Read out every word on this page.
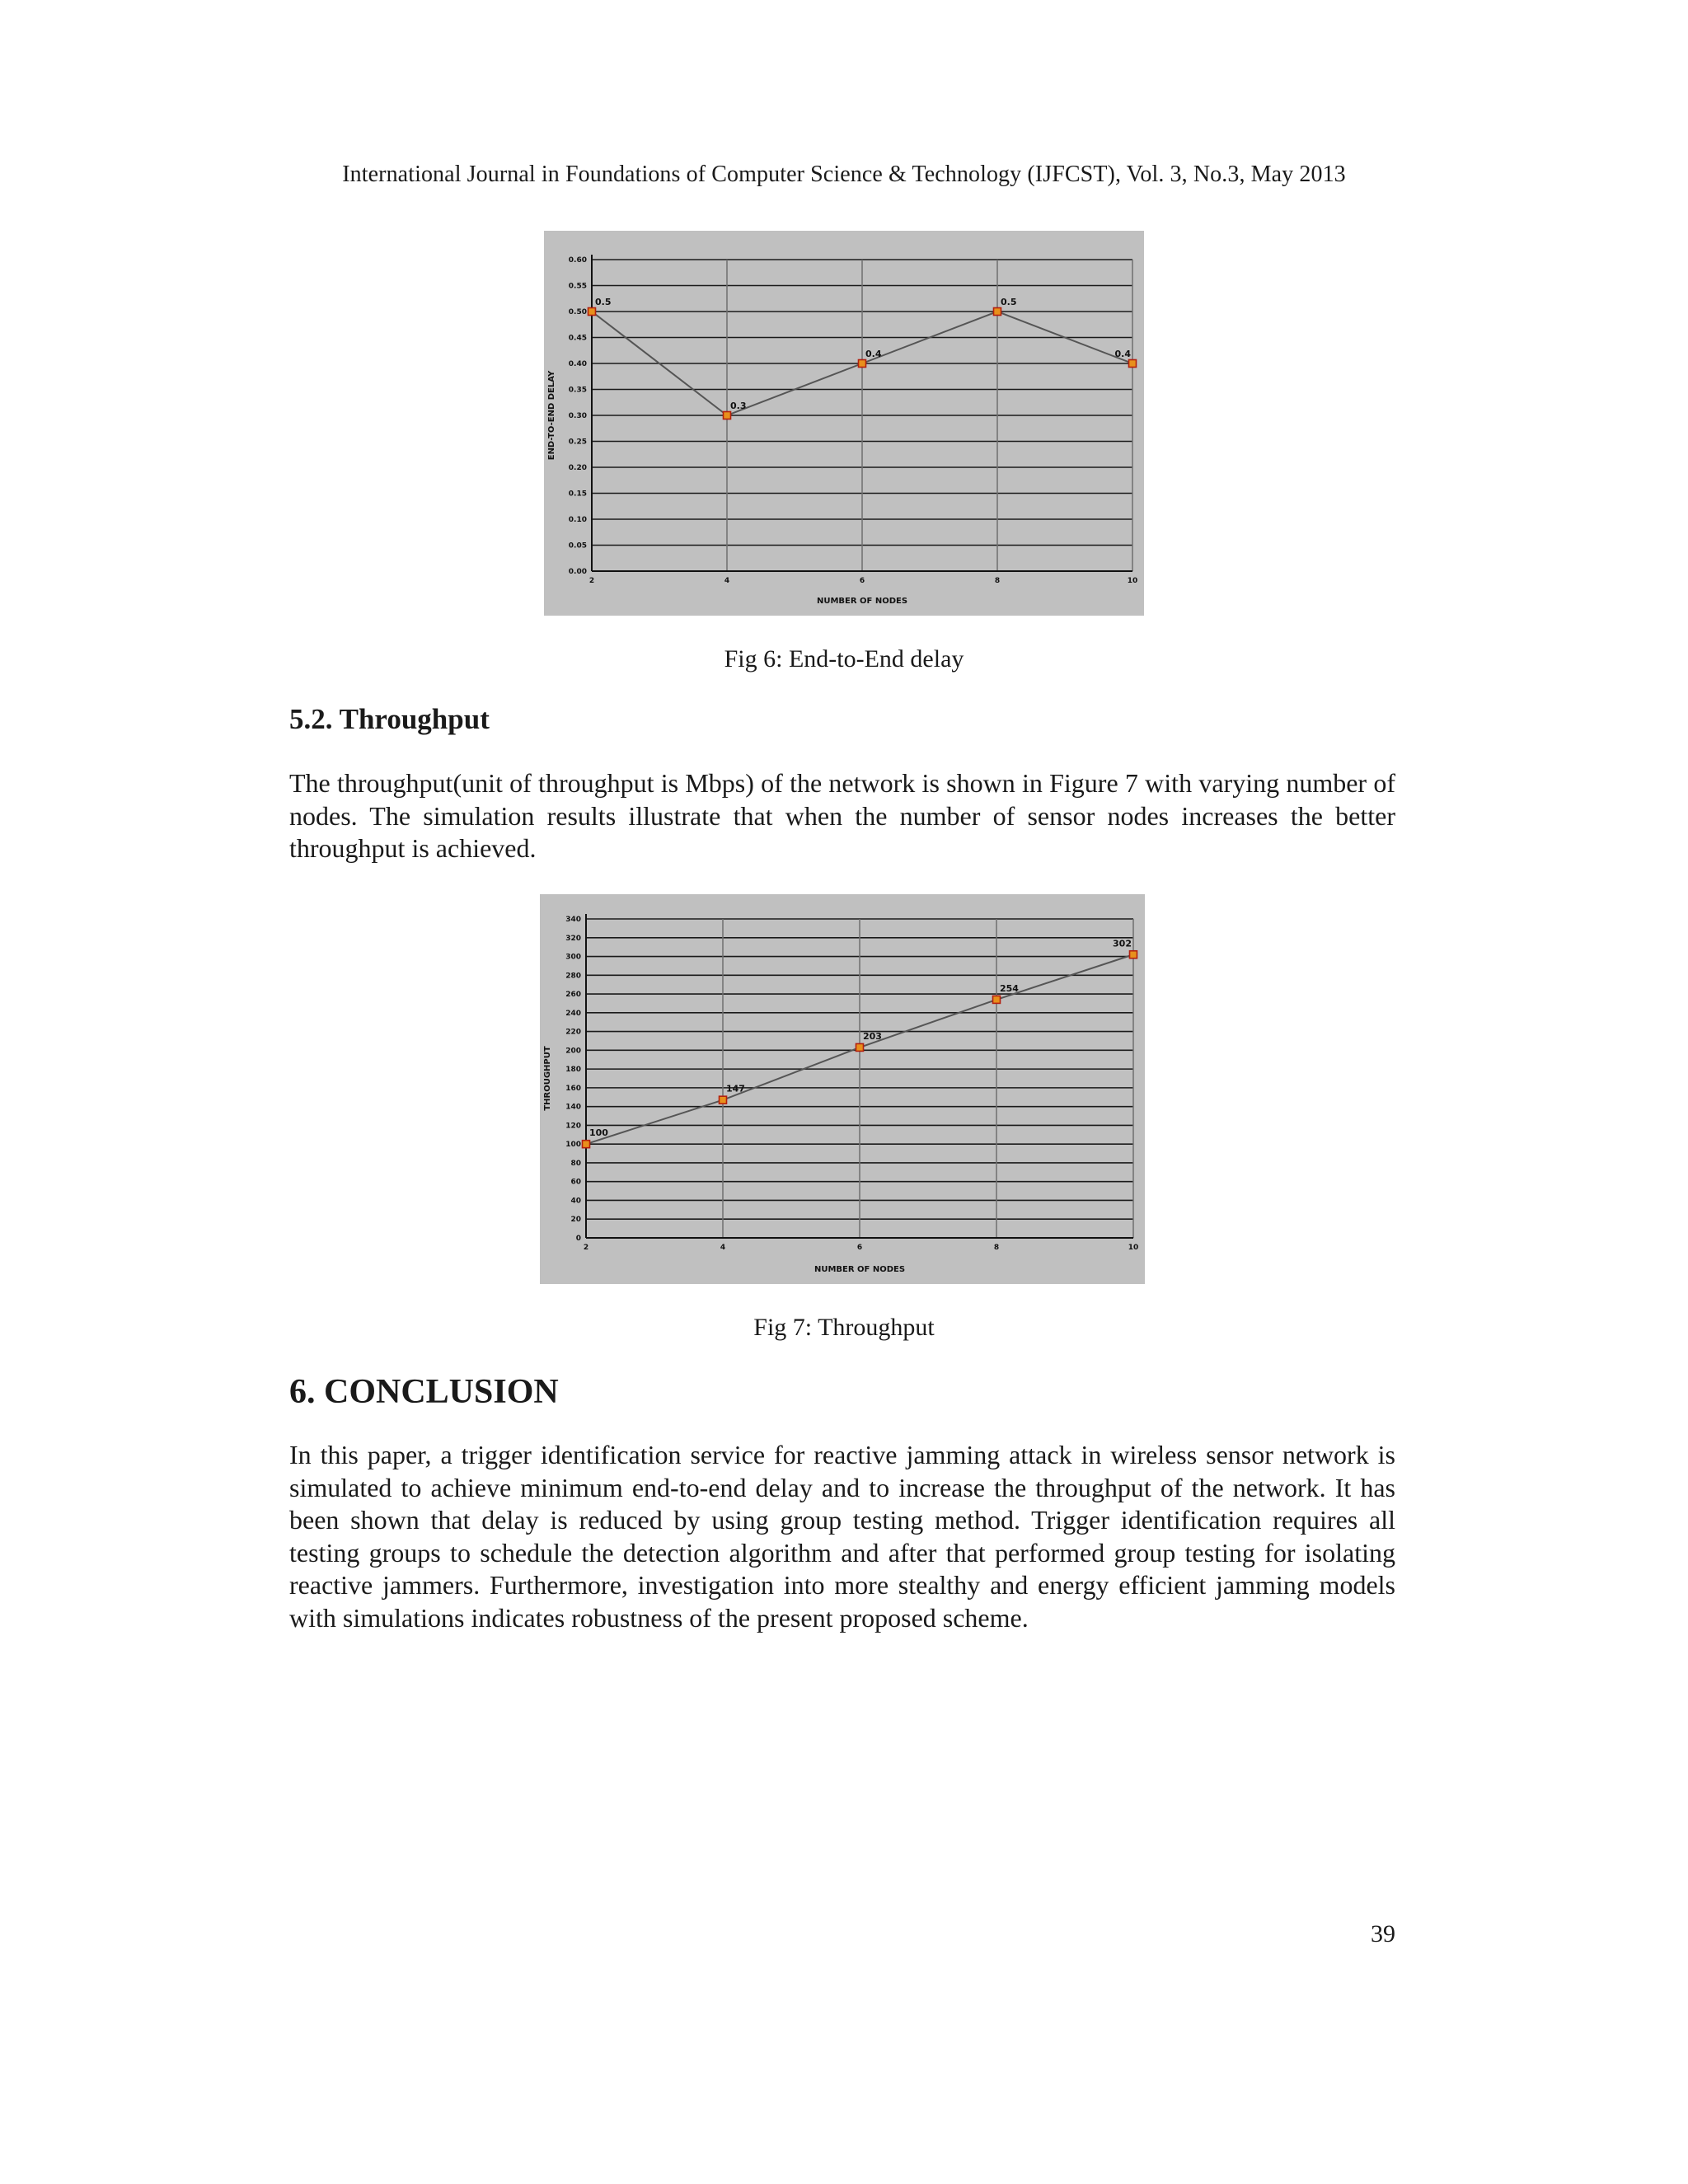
International Journal in Foundations of Computer Science & Technology (IJFCST), Vol. 3, No.3, May 2013
0.00
0.05
0.10
0.15
0.20
0.25
0.30
0.35
0.40
0.45
0.50
0.55
0.60
2	4	6	8	10
0.5
0.3
0.4
0.5
0.4
NUMBER OF NODES
END-TO-END DELAY
Fig 6: End-to-End delay
5.2. Throughput

The throughput(unit of throughput is Mbps) of the network is shown in Figure 7 with varying number of nodes. The simulation results illustrate that when the number of sensor nodes increases the better throughput is achieved.

0
20
40
60
80
100
120
140
160
180
200
220
240
260
280
300
320
340
2	4	6	8	10
100
147
203
254
302
NUMBER OF NODES
THROUGHPUT
Fig 7: Throughput
6. CONCLUSION

In this paper, a trigger identification service for reactive jamming attack in wireless sensor network is simulated to achieve minimum end-to-end delay and to increase the throughput of the network. It has been shown that delay is reduced by using group testing method. Trigger identification requires all testing groups to schedule the detection algorithm and after that performed group testing for isolating reactive jammers. Furthermore, investigation into more stealthy and energy efficient jamming models with simulations indicates robustness of the present proposed scheme.

39
